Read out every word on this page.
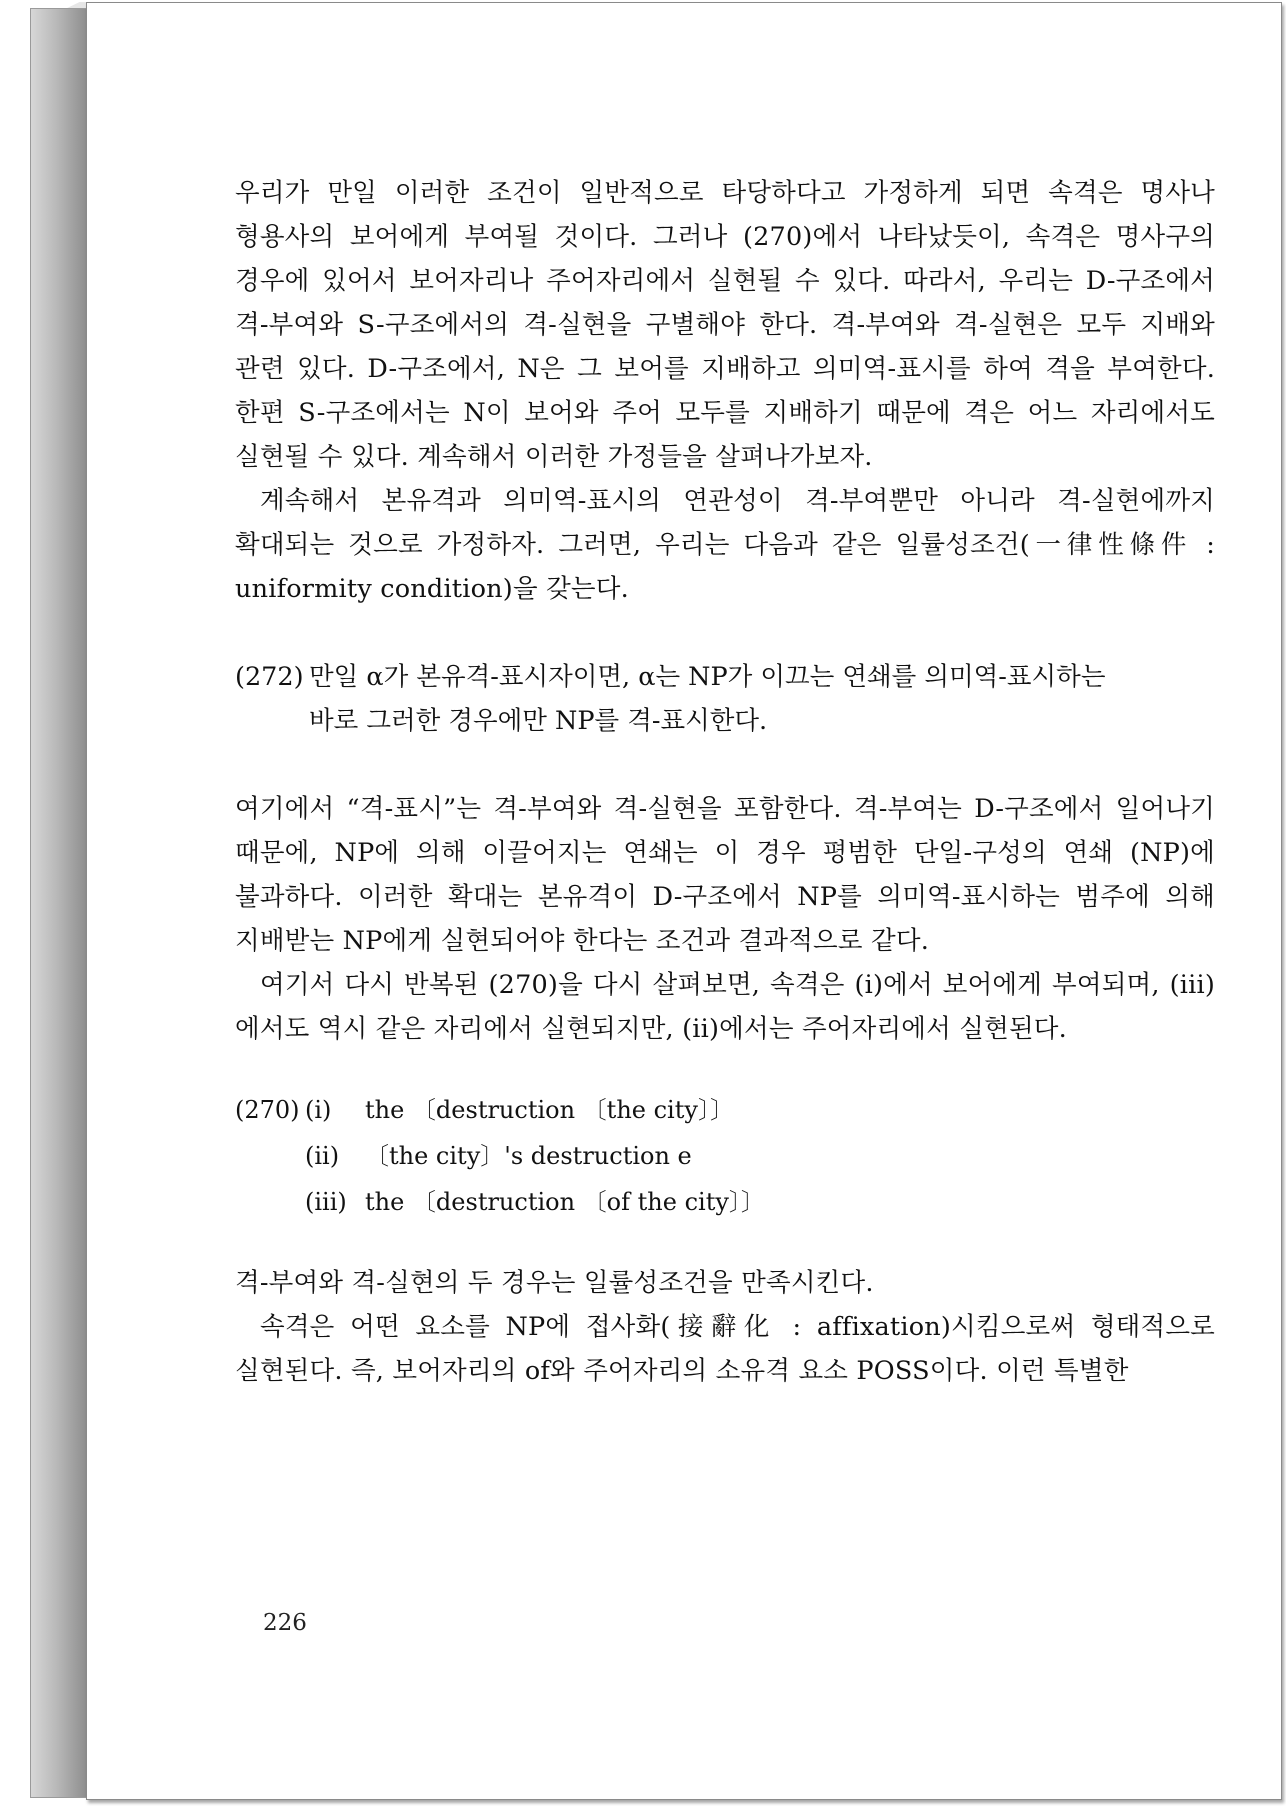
우리가 만일 이러한 조건이 일반적으로 타당하다고 가정하게 되면 속격은 명사나 형용사의 보어에게 부여될 것이다. 그러나 (270)에서 나타났듯이, 속격은 명사구의 경우에 있어서 보어자리나 주어자리에서 실현될 수 있다. 따라서, 우리는 D-구조에서 격-부여와 S-구조에서의 격-실현을 구별해야 한다. 격-부여와 격-실현은 모두 지배와 관련 있다. D-구조에서, N은 그 보어를 지배하고 의미역-표시를 하여 격을 부여한다. 한편 S-구조에서는 N이 보어와 주어 모두를 지배하기 때문에 격은 어느 자리에서도 실현될 수 있다. 계속해서 이러한 가정들을 살펴나가보자.

계속해서 본유격과 의미역-표시의 연관성이 격-부여뿐만 아니라 격-실현에까지 확대되는 것으로 가정하자. 그러면, 우리는 다음과 같은 일률성조건(一律性條件 : uniformity condition)을 갖는다.

(272) 만일 α가 본유격-표시자이면, α는 NP가 이끄는 연쇄를 의미역-표시하는
바로 그러한 경우에만 NP를 격-표시한다.

여기에서 “격-표시”는 격-부여와 격-실현을 포함한다. 격-부여는 D-구조에서 일어나기 때문에, NP에 의해 이끌어지는 연쇄는 이 경우 평범한 단일-구성의 연쇄 (NP)에 불과하다. 이러한 확대는 본유격이 D-구조에서 NP를 의미역-표시하는 범주에 의해 지배받는 NP에게 실현되어야 한다는 조건과 결과적으로 같다.

여기서 다시 반복된 (270)을 다시 살펴보면, 속격은 (i)에서 보어에게 부여되며, (iii)에서도 역시 같은 자리에서 실현되지만, (ii)에서는 주어자리에서 실현된다.

(270) (i)	the 〔destruction 〔the city〕〕
(ii)	〔the city〕's destruction e
(iii) the 〔destruction 〔of the city〕〕

격-부여와 격-실현의 두 경우는 일률성조건을 만족시킨다.

속격은 어떤 요소를 NP에 접사화(接辭化 : affixation)시킴으로써 형태적으로 실현된다. 즉, 보어자리의 of와 주어자리의 소유격 요소 POSS이다. 이런 특별한

226
